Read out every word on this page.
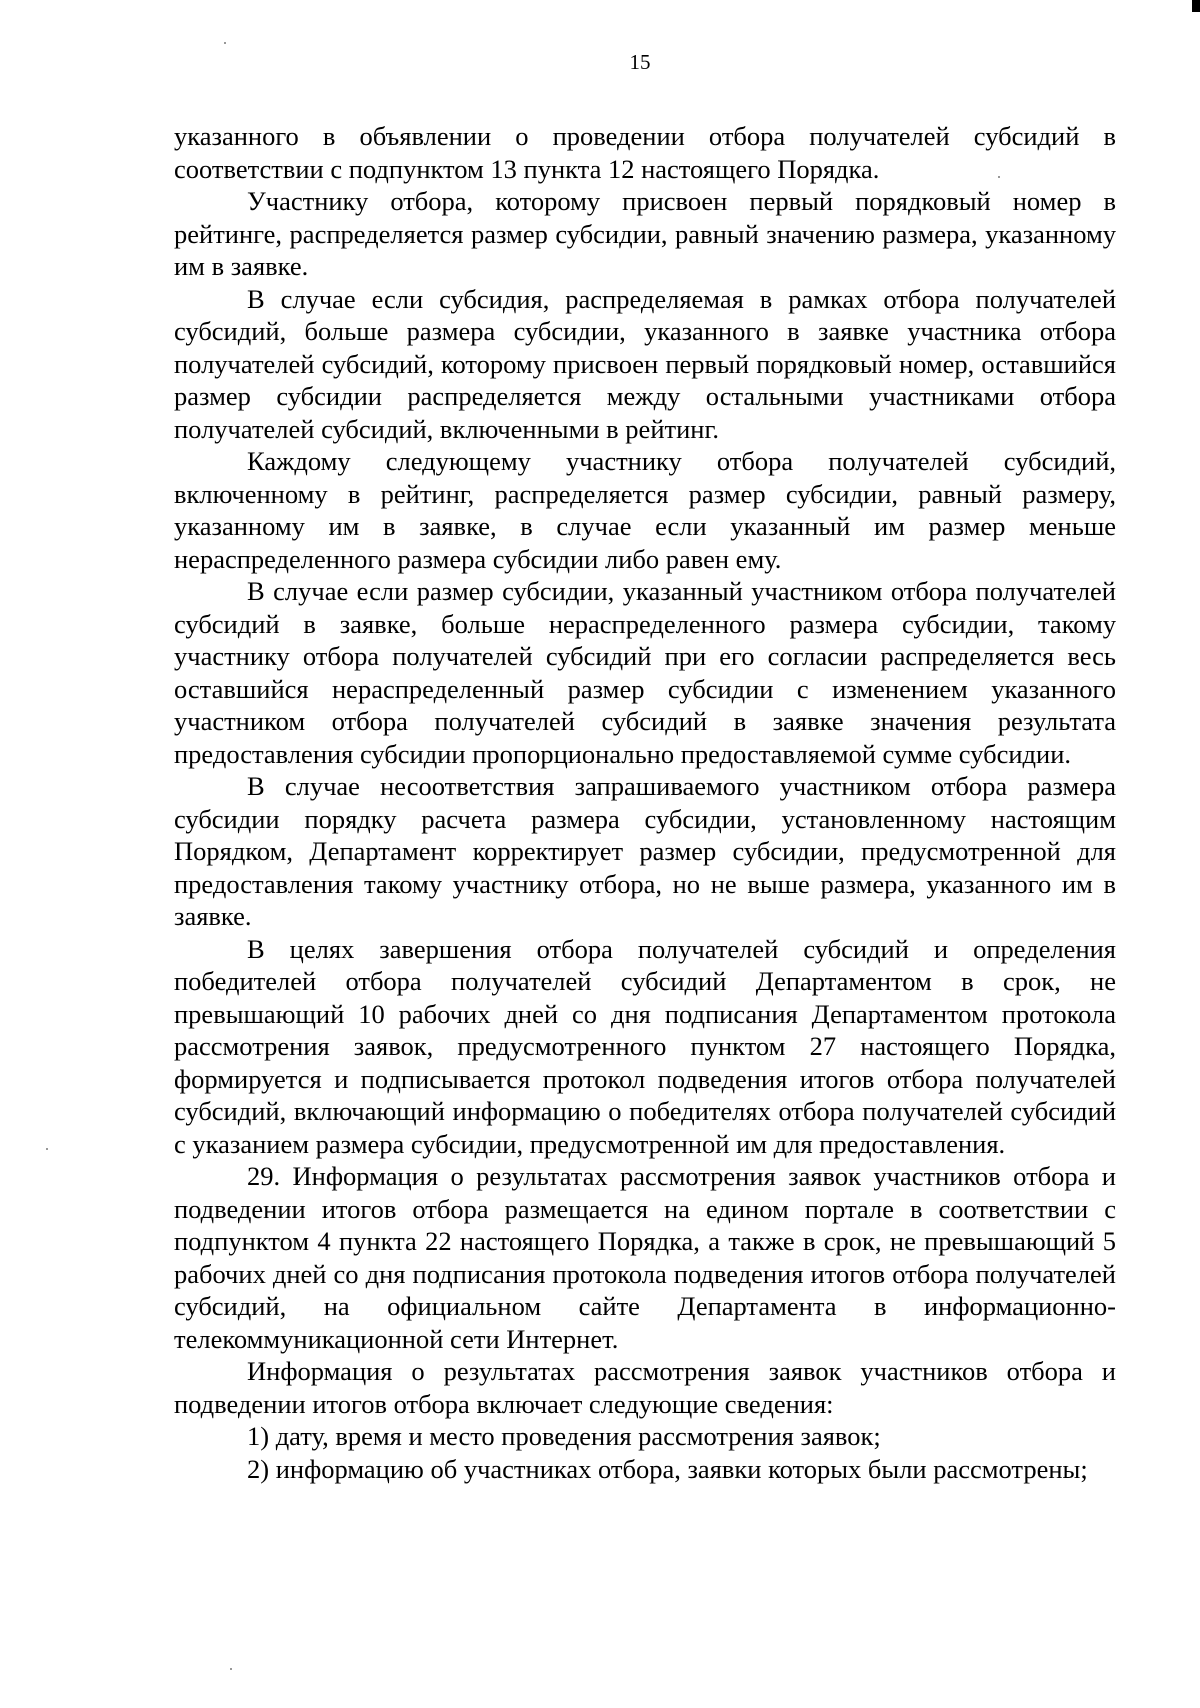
15

указанного в объявлении о проведении отбора получателей субсидий в соответствии с подпунктом 13 пункта 12 настоящего Порядка.

Участнику отбора, которому присвоен первый порядковый номер в рейтинге, распределяется размер субсидии, равный значению размера, указанному им в заявке.

В случае если субсидия, распределяемая в рамках отбора получателей субсидий, больше размера субсидии, указанного в заявке участника отбора получателей субсидий, которому присвоен первый порядковый номер, оставшийся размер субсидии распределяется между остальными участниками отбора получателей субсидий, включенными в рейтинг.

Каждому следующему участнику отбора получателей субсидий, включенному в рейтинг, распределяется размер субсидии, равный размеру, указанному им в заявке, в случае если указанный им размер меньше нераспределенного размера субсидии либо равен ему.

В случае если размер субсидии, указанный участником отбора получателей субсидий в заявке, больше нераспределенного размера субсидии, такому участнику отбора получателей субсидий при его согласии распределяется весь оставшийся нераспределенный размер субсидии с изменением указанного участником отбора получателей субсидий в заявке значения результата предоставления субсидии пропорционально предоставляемой сумме субсидии.

В случае несоответствия запрашиваемого участником отбора размера субсидии порядку расчета размера субсидии, установленному настоящим Порядком, Департамент корректирует размер субсидии, предусмотренной для предоставления такому участнику отбора, но не выше размера, указанного им в заявке.

В целях завершения отбора получателей субсидий и определения победителей отбора получателей субсидий Департаментом в срок, не превышающий 10 рабочих дней со дня подписания Департаментом протокола рассмотрения заявок, предусмотренного пунктом 27 настоящего Порядка, формируется и подписывается протокол подведения итогов отбора получателей субсидий, включающий информацию о победителях отбора получателей субсидий с указанием размера субсидии, предусмотренной им для предоставления.

29. Информация о результатах рассмотрения заявок участников отбора и подведении итогов отбора размещается на едином портале в соответствии с подпунктом 4 пункта 22 настоящего Порядка, а также в срок, не превышающий 5 рабочих дней со дня подписания протокола подведения итогов отбора получателей субсидий, на официальном сайте Департамента в информационно-телекоммуникационной сети Интернет.

Информация о результатах рассмотрения заявок участников отбора и подведении итогов отбора включает следующие сведения:

1) дату, время и место проведения рассмотрения заявок;

2) информацию об участниках отбора, заявки которых были рассмотрены;
